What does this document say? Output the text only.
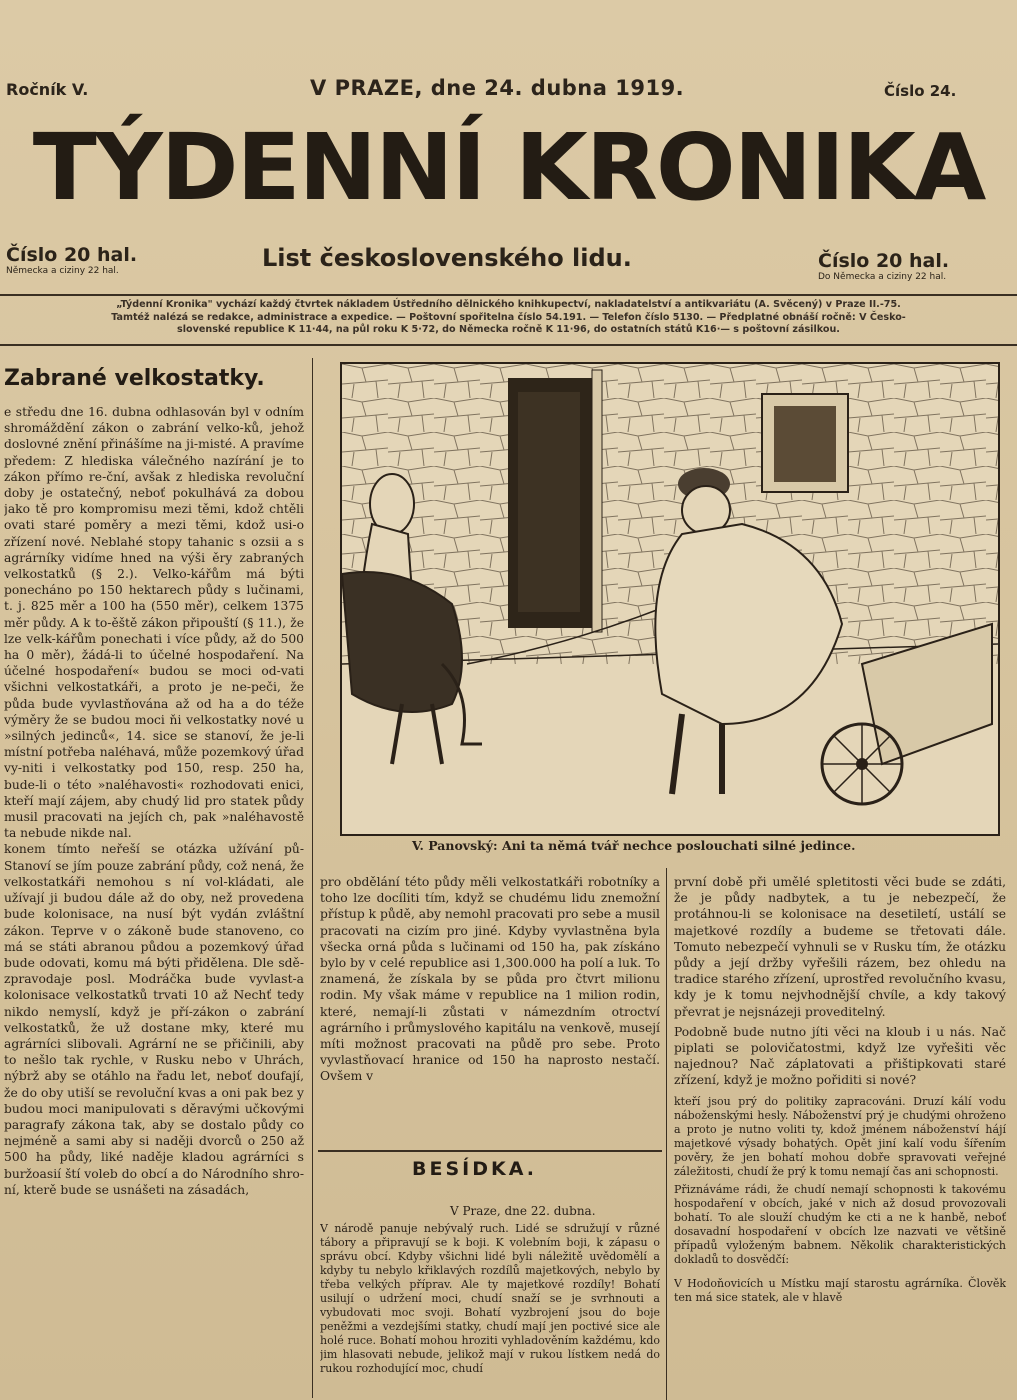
Ročník V.	V PRAZE, dne 24. dubna 1919.	Číslo 24.
TÝDENNÍ KRONIKA
Číslo 20 hal.
Německa a ciziny 22 hal.	List československého lidu.	Číslo 20 hal.
Do Německa a ciziny 22 hal.
„Týdenní Kronika" vychází každý čtvrtek nákladem Ústředního dělnického knihkupectví, nakladatelství a antikvariátu (A. Svěcený) v Praze II.-75.
Tamtéž nalézá se redakce, administrace a expedice. — Poštovní spořitelna číslo 54.191. — Telefon číslo 5130. — Předplatné obnáší ročně: V Česko-
slovenské republice K 11·44, na půl roku K 5·72, do Německa ročně K 11·96, do ostatních států K16·— s poštovní zásilkou.
Zabrané velkostatky.

e středu dne 16. dubna odhlasován byl v odním shromáždění zákon o zabrání velko-ků, jehož doslovné znění přinášíme na ji-misté. A pravíme předem: Z hlediska válečného nazírání je to zákon přímo re-ční, avšak z hlediska revoluční doby je ostatečný, neboť pokulhává za dobou jako tě pro kompromisu mezi těmi, kdož chtěli ovati staré poměry a mezi těmi, kdož usi-o zřízení nové. Neblahé stopy tahanic s ozsii a s agrárníky vidíme hned na výši ěry zabraných velkostatků (§ 2.). Velko-kářům má býti ponecháno po 150 hektarech půdy s lučinami, t. j. 825 měr a 100 ha (550 měr), celkem 1375 měr půdy. A k to-ěště zákon připouští (§ 11.), že lze velk-kářům ponechati i více půdy, až do 500 ha 0 měr), žádá-li to účelné hospodaření. Na účelné hospodaření« budou se moci od-vati všichni velkostatkáři, a proto je ne-peči, že půda bude vyvlastňována až od ha a do téže výměry že se budou moci ňi velkostatky nové u »silných jedinců«, 14. sice se stanoví, že je-li místní potřeba naléhavá, může pozemkový úřad vy-niti i velkostatky pod 150, resp. 250 ha, bude-li o této »naléhavosti« rozhodovati enici, kteří mají zájem, aby chudý lid pro statek půdy musil pracovati na jejích ch, pak »naléhavostě ta nebude nikde nal.

konem tímto neřeší se otázka užívání pů-Stanoví se jím pouze zabrání půdy, což nená, že velkostatkáři nemohou s ní vol-kládati, ale užívají ji budou dále až do oby, než provedena bude kolonisace, na nusí být vydán zvláštní zákon. Teprve v o zákoně bude stanoveno, co má se státi abranou půdou a pozemkový úřad bude odovati, komu má býti přidělena. Dle sdě-zpravodaje posl. Modráčka bude vyvlast-a kolonisace velkostatků trvati 10 až Nechť tedy nikdo nemyslí, když je pří-zákon o zabrání velkostatků, že už dostane mky, které mu agrárníci slibovali. Agrární ne se přičinili, aby to nešlo tak rychle, v Rusku nebo v Uhrách, nýbrž aby se otáhlo na řadu let, neboť doufají, že do oby utiší se revoluční kvas a oni pak bez y budou moci manipulovati s děravými učkovými paragrafy zákona tak, aby se dostalo půdy co nejméně a sami aby si naději dvorců o 250 až 500 ha půdy, liké naděje kladou agrárníci s buržoasií ští voleb do obcí a do Národního shro-ní, kterě bude se usnášeti na zásadách,

V. Panovský: Ani ta němá tvář nechce poslouchati silné jedince.

pro obdělání této půdy měli velkostatkáři robotníky a toho lze docíliti tím, když se chudému lidu znemožní přístup k půdě, aby nemohl pracovati pro sebe a musil pracovati na cizím pro jiné. Kdyby vyvlastněna byla všecka orná půda s lučinami od 150 ha, pak získáno bylo by v celé republice asi 1,300.000 ha polí a luk. To znamená, že získala by se půda pro čtvrt milionu rodin. My však máme v republice na 1 milion rodin, které, nemají-li zůstati v námezdním otroctví agrárního i průmyslového kapitálu na venkově, musejí míti možnost pracovati na půdě pro sebe. Proto vyvlastňovací hranice od 150 ha naprosto nestačí. Ovšem v

BESÍDKA.
V Praze, dne 22. dubna.

V národě panuje nebývalý ruch. Lidé se sdružují v různé tábory a připravují se k boji. K volebním boji, k zápasu o správu obcí. Kdyby všichni lidé byli náležitě uvědomělí a kdyby tu nebylo křiklavých rozdílů majetkových, nebylo by třeba velkých příprav. Ale ty majetkové rozdíly! Bohatí usilují o udržení moci, chudí snaží se je svrhnouti a vybudovati moc svoji. Bohatí vyzbrojení jsou do boje peněžmi a vezdejšími statky, chudí mají jen poctivé sice ale holé ruce. Bohatí mohou hroziti vyhladověním každému, kdo jim hlasovati nebude, jelikož mají v rukou lístkem nedá do rukou rozhodující moc, chudí

první době při umělé spletitosti věci bude se zdáti, že je půdy nadbytek, a tu je nebezpečí, že protáhnou-li se kolonisace na desetiletí, ustálí se majetkové rozdíly a budeme se třetovati dále. Tomuto nebezpečí vyhnuli se v Rusku tím, že otázku půdy a její držby vyřešili rázem, bez ohledu na tradice starého zřízení, uprostřed revolučního kvasu, kdy je k tomu nejvhodnější chvíle, a kdy takový převrat je nejsnázeji proveditelný.

Podobně bude nutno jíti věci na kloub i u nás. Nač piplati se polovičatostmi, když lze vyřešiti věc najednou? Nač záplatovati a přištipkovati staré zřízení, když je možno pořiditi si nové?

kteří jsou prý do politiky zapracováni. Druzí kálí vodu náboženskými hesly. Náboženství prý je chudými ohroženo a proto je nutno voliti ty, kdož jménem náboženství hájí majetkové výsady bohatých. Opět jiní kalí vodu šířením pověry, že jen bohatí mohou dobře spravovati veřejné záležitosti, chudí že prý k tomu nemají čas ani schopnosti.

Přiznáváme rádi, že chudí nemají schopnosti k takovému hospodaření v obcích, jaké v nich až dosud provozovali bohatí. To ale slouží chudým ke cti a ne k hanbě, neboť dosavadní hospodaření v obcích lze nazvati ve většině případů vyloženým babnem. Několik charakteristických dokladů to dosvědčí:

V Hodoňovicích u Místku mají starostu agrárníka. Člověk ten má sice statek, ale v hlavě
